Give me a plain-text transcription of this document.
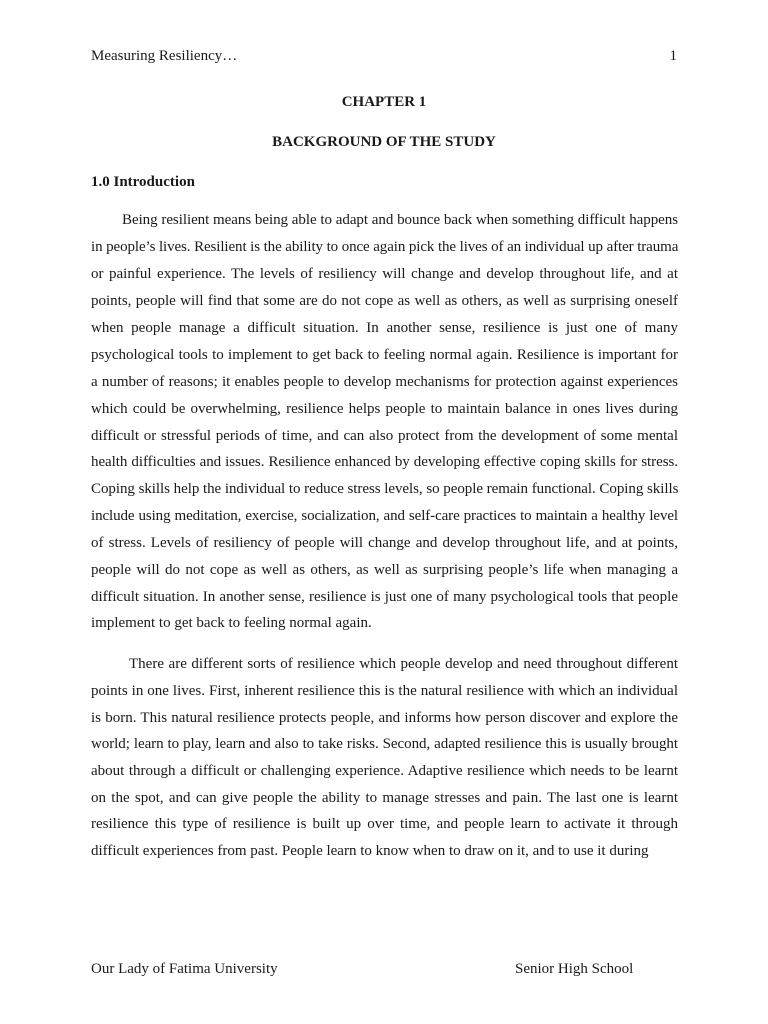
Measuring Resiliency…	1
CHAPTER 1
BACKGROUND OF THE STUDY
1.0 Introduction
Being resilient means being able to adapt and bounce back when something difficult happens
in people’s lives. Resilient is the ability to once again pick the lives of an individual up after trauma
or painful experience. The levels of resiliency will change and develop throughout life, and at
points, people will find that some are do not cope as well as others, as well as surprising oneself
when people manage a difficult situation. In another sense, resilience is just one of many
psychological tools to implement to get back to feeling normal again. Resilience is important for
a number of reasons; it enables people to develop mechanisms for protection against experiences
which could be overwhelming, resilience helps people to maintain balance in ones lives during
difficult or stressful periods of time, and can also protect from the development of some mental
health difficulties and issues. Resilience enhanced by developing effective coping skills for stress.
Coping skills help the individual to reduce stress levels, so people remain functional. Coping skills
include using meditation, exercise, socialization, and self-care practices to maintain a healthy level
of stress. Levels of resiliency of people will change and develop throughout life, and at points,
people will do not cope as well as others, as well as surprising people’s life when managing a
difficult situation. In another sense, resilience is just one of many psychological tools that people
implement to get back to feeling normal again.
There are different sorts of resilience which people develop and need throughout different
points in one lives. First, inherent resilience this is the natural resilience with which an individual
is born. This natural resilience protects people, and informs how person discover and explore the
world; learn to play, learn and also to take risks. Second, adapted resilience this is usually brought
about through a difficult or challenging experience. Adaptive resilience which needs to be learnt
on the spot, and can give people the ability to manage stresses and pain. The last one is learnt
resilience this type of resilience is built up over time, and people learn to activate it through
difficult experiences from past. People learn to know when to draw on it, and to use it during
Our Lady of Fatima University	Senior High School
